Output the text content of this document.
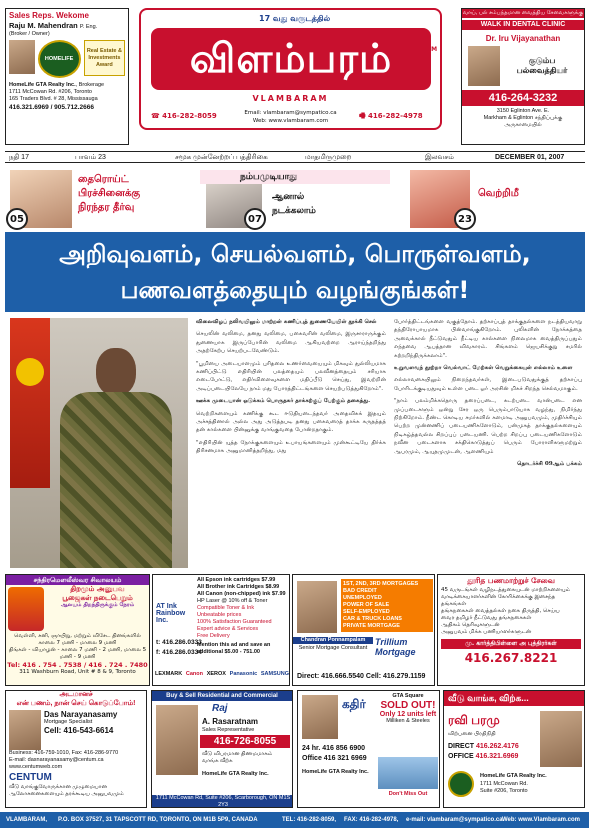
Sales Reps. Wekome
Raju M. Mahendran P. Eng.
(Broker / Owner)
HOMELIFE
Real Estate & Investments Award
HomeLife GTA Realty Inc., Brokerage
1711 McCowan Rd. #206, Toronto
165 Traders Blvd. # 28, Mississauga
416.321.6969 / 905.712.2666
17 வது வருடத்தில்
விளம்பரம்	TM
VLAMBARAM
☎ 416-282-8059	🖷 416-282-4978
Email: vlambaram@sympatico.ca
Web: www.vlambaram.com
வாய், பல் சம்பந்தமான வைத்திய சேவைகளுக்கு
WALK IN DENTAL CLINIC
Dr. Iru Vijayanathan
குடும்ப
பல்வைத்தியர்
416-264-3232
3150 Eglinton Ave. E.
Markham & Eglinton சந்திப்புக்கு
அருகாமையில்
நதி 17	பாவம் 23	சமூக முன்னேற்றப் பத்திரிகை	மாதமிருமுறை	இலவசம்	DECEMBER 01, 2007
தைரொய்ட்
பிரச்சினைக்கு
நிரந்தர தீர்வு
05
நம்பமுடியாது
ஆனால்
நடக்கலாம்
07
வெற்றிமீ
23
அறிவுவளம், செயல்வளம், பொருள்வளம்,
பணவளத்தையும் வழங்குங்கள்!

விலைவிழப் நலிவயிலும் மாற்றள் கணிப்புத் துணையேயிள் தூக்கி செல்

செயலின் வலிமை, தனது வலிமை, பகைவரின் வலிமை, இருசாராருக்கும் துணையாக இருப்போரின் வலிமை ஆகியவற்றை ஆராய்ந்தறிந்து அதற்கேற்ப செயற்படவேண்டும்.

"பூமியை அடையாளமும் புரிதலை உணர்வையையும் மிகவும் துல்லியமாக கணிப்பிட்டு எதிரியின் பலத்தையும் பலவீனத்தையும் சரியாக எடைபோட்டு, எதிர்விளைவுகளை மதிப்பீடு செய்து, இவற்றின் அடிப்படையிலேயே நாம் மது போரத்திட்டங்களை செயற்படுத்துகிறோம்".

ஊக்க முடையான் ஒடுக்கம் பொருதகர் தாக்கற்குப் பேற்கும் தகைத்து.

வெற்றிகளையும் கணிக்கு கூட ஈடுதியடைந்தவர் அதைவிசுக் இதயும் அச்சத்தினால் அல்ல அது அடுத்தபடி தனது பகைவரைத் தாக்க கருதத்தத் தன் கால்களை பின்னுக்கு வாங்குவதை போன்றதாகும்.

"எதிரியின் யுத்த நோக்குகளையும் உபாயங்களையும் முன்கூட்டியே திர்க்க திரிசனமாக அனுமானித்தறிந்து, மது

போர்த்திட்டங்களை வகுத்தோம். தற்காப்புத் தாக்குதல்களை நடத்தியவாறு தந்திரோபாயமாக பின்வாங்குகிறோம். புலிகளின் நோக்கத்தை அவைக்கால் நீட்டுவதும் நீட்டிய கால்களை நிலைமாக வைத்திருப்பதும் எந்தவை ஆபத்தான விவகாரம். சிங்களம் ஜெயசிக்குறு சமரில் கற்றறிந்திருக்கலாம்".

உறுவளவந் தூற்றா வெல்வாட் மேற்கள் வெறுக்கையுள் எல்லாம் உளை

எல்லாவகையிலும் நிறைந்தவர்கள், இடைபடுவதுக்குத் தற்காப்பு போரிடக்குடியதுவும் உள்ள படை ஓர் அரசின் மிகச் சிறந்த செல்வமாகும்.

"நாம் பலம்மிக்கதொரு தரைப்படை, கடற்படை வான்படை என முப்படைகளும் ஒன்று சேர ஒரு பெரும்பாடுயாக வழந்து, நிமிர்ந்து நிற்கிறோம். நீண்ட கொடிய சமர்களில் களமாடி அனுபவமும், முதிர்ச்சியும் பெற்ற முன்னணிப் படையணிகளோடும், பன்முகத் தாக்குதல்களையும் நிடிகழ்த்தவல்ல சிறப்புப் படையணி. பெற்ற சிறப்பு படையணிகளோடும் நவீன படைகளாக சக்திகொடுத்துப் பெரும் போராளிகளுமற்றும் ஆபரமும், ஆயுதமுமுடன், ஆளணியும்

தொடர்ச்சி 09ஆம் பக்கம்

சந்திரமௌலீஸ்வர சிவாலயம்
திறமும் அனுபவ
பூஜைகள் நடைபெறும்
ஆலயம் திறந்திருக்கும் நேரம்
வெள்ளி, சனி, ஞாயிறு, மற்றும் விசேட தினங்களில் காலை 7 மணி - மாலை 9 மணி
திங்கள் - வியாழன் - காலை 7 மணி - 2 மணி, மாலை 5 மணி - 9 மணி
Tel: 416 . 754 . 7538 / 416 . 724 . 7480
311 Washburn Road, Unit # 8 & 9, Toronto
AT Ink Rainbow Inc.
t: 416.286.0333
f: 416.286.0334
All Epson ink cartridges $7.99
All Brother ink Cartridges $8.99
All Canon (non-chipped) ink $7.99
HP Laser @ 10% off & Toner
Compatible Toner & Ink
Unbeatable prices
100% Satisfaction Guaranteed
Expert advice & Services
Free Delivery
Mention this ad and save an additional $5.00 - 751.00
LEXMARK Canon XEROX Panasonic SAMSUNG
1ST, 2ND, 3RD MORTGAGES
BAD CREDIT
UNEMPLOYED
POWER OF SALE
SELF-EMPLOYED
CAR & TRUCK LOANS
PRIVATE MORTGAGE
Chandran Ponnampalam
Senior Mortgage Consultant
Trillium Mortgage
Direct: 416.666.5540 Cell: 416.279.1159
தூரித பணமாற்றுச் சேவை
45 வருடங்கள் வழிநடத்துகையுடன் மாற்றிகளையும்
வாடிக்கையாளர்களின் கோரிக்கைக்கு இசைந்த தங்கங்கள்
தங்கநகைகள் வைத்தல்கள் நகை திருத்தி, செய்ய
வைர தமிழர் நீட்டுவது தங்கநகைகள்
ஆதிகம் தெரிவுகளுடன்
அனுபவம் மிக்க பணியாளர்களுடன்
மு. கார்த்திபிள்ளை அ புத்திரர்கள்
416.267.8221
அடமானச்
என் பணம், நான் செய் கொடுப்போம்!
Das Narayanasamy
Mortgage Specialist
Cell: 416-543-6614
Business: 416-759-1010, Fax: 416-286-9770
E-mail: dasnarayanasamy@centum.ca
www.centumweb.com
CENTUM
வீடு வாங்குவோருக்கான முழுமையான ஆலோசனைகளையும் தரக்கூடிய அனுபவமும்
Buy & Sell Residential and Commercial
Raj
A. Rasaratnam
Sales Representative
416-726-8055
வீடு விபரமான திணமமாகம் வாங்க வீற்க
HomeLife GTA Realty Inc.
1711 McCowan Rd, Suite #206, Scarborough, ON M1S 2Y3
கதிர்
24 hr. 416 856 6900
Office 416 321 6969
GTA Square
SOLD OUT!
Only 12 units left
Milliken & Steeles
HomeLife GTA Realty Inc.
Don't Miss Out
வீடு வாங்க, விற்க...
ரவி பரமு
விற்பனை பிரதிநிதி
DIRECT 416.262.4176
OFFICE 416.321.6969
HomeLife GTA Realty Inc.
1711 McCowan Rd.
Suite #206, Toronto
VLAMBARAM, P.O. BOX 37527, 31 TAPSCOTT RD, TORONTO, ON M1B 5P9, CANADA	TEL: 416-282-8059, FAX: 416-282-4978, e-mail: vlambaram@sympatico.ca Web: www.Vlambaram.com
